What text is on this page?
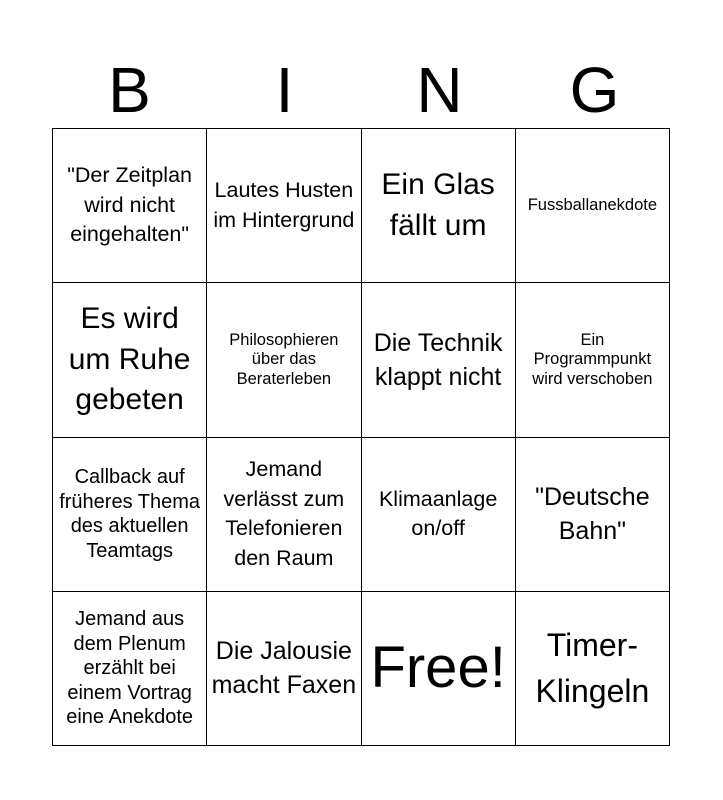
B	I	N	G
"Der Zeitplan wird nicht eingehalten"	Lautes Husten im Hintergrund	Ein Glas fällt um	Fussballanekdote
Es wird um Ruhe gebeten	Philosophieren über das Beraterleben	Die Technik klappt nicht	Ein Programmpunkt wird verschoben
Callback auf früheres Thema des aktuellen Teamtags	Jemand verlässt zum Telefonieren den Raum	Klimaanlage on/off	"Deutsche Bahn"
Jemand aus dem Plenum erzählt bei einem Vortrag eine Anekdote	Die Jalousie macht Faxen	Free!	Timer-Klingeln
